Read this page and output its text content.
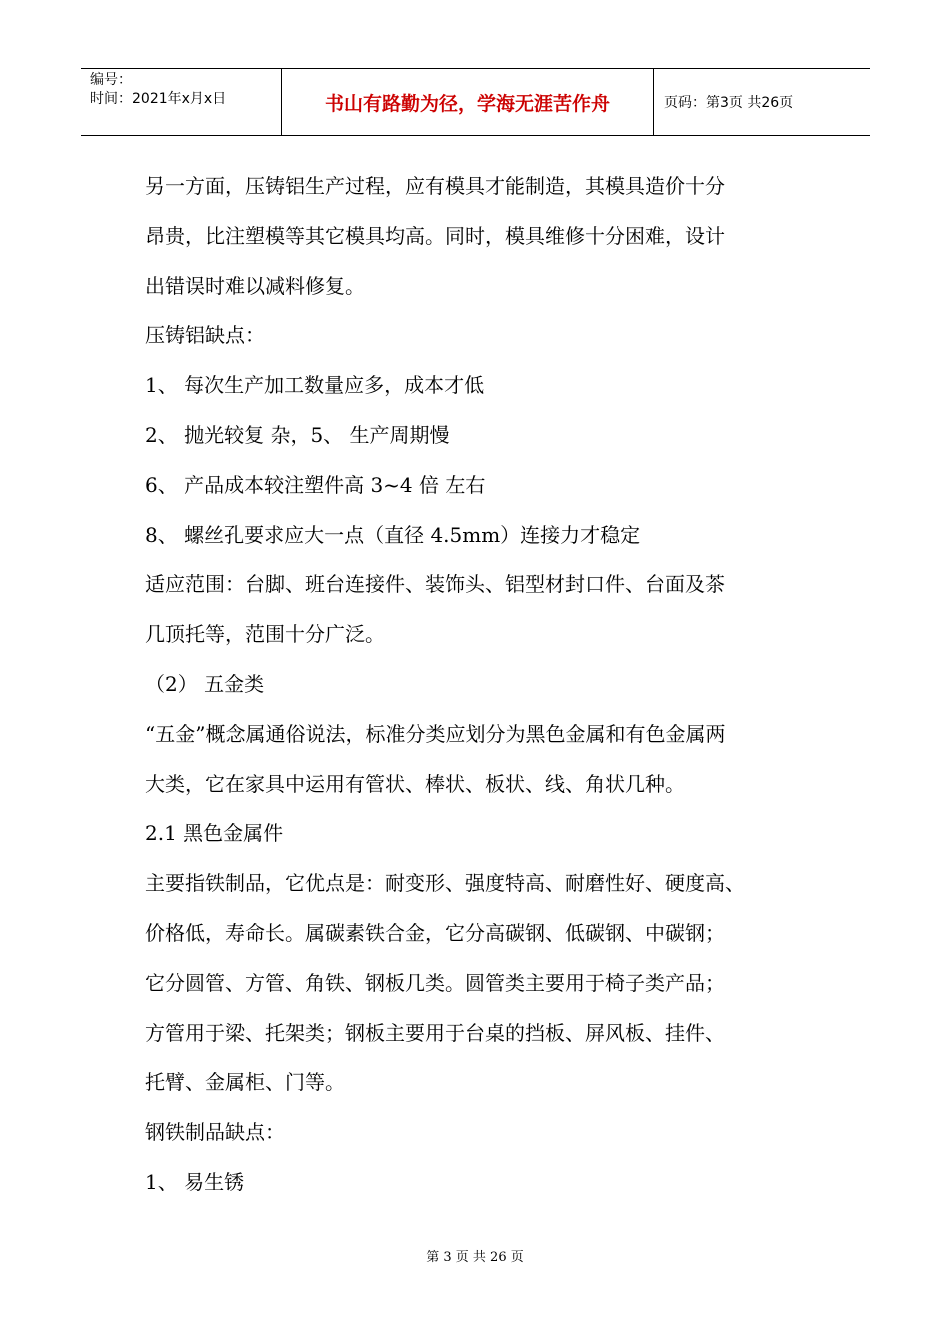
编号：
时间：2021年x月x日	书山有路勤为径，学海无涯苦作舟	页码：第3页 共26页
另一方面，压铸铝生产过程，应有模具才能制造，其模具造价十分
昂贵，比注塑模等其它模具均高。同时，模具维修十分困难，设计
出错误时难以减料修复。
压铸铝缺点：
1、 每次生产加工数量应多，成本才低
2、 抛光较复 杂，5、 生产周期慢
6、 产品成本较注塑件高 3~4 倍 左右
8、 螺丝孔要求应大一点（直径 4.5mm）连接力才稳定
适应范围：台脚、班台连接件、装饰头、铝型材封口件、台面及茶
几顶托等，范围十分广泛。
（2） 五金类
“五金”概念属通俗说法，标准分类应划分为黑色金属和有色金属两
大类，它在家具中运用有管状、棒状、板状、线、角状几种。
2.1 黑色金属件
主要指铁制品，它优点是：耐变形、强度特高、耐磨性好、硬度高、
价格低，寿命长。属碳素铁合金，它分高碳钢、低碳钢、中碳钢；
它分圆管、方管、角铁、钢板几类。圆管类主要用于椅子类产品；
方管用于梁、托架类；钢板主要用于台桌的挡板、屏风板、挂件、
托臂、金属柜、门等。
钢铁制品缺点：
1、 易生锈
第 3 页 共 26 页
